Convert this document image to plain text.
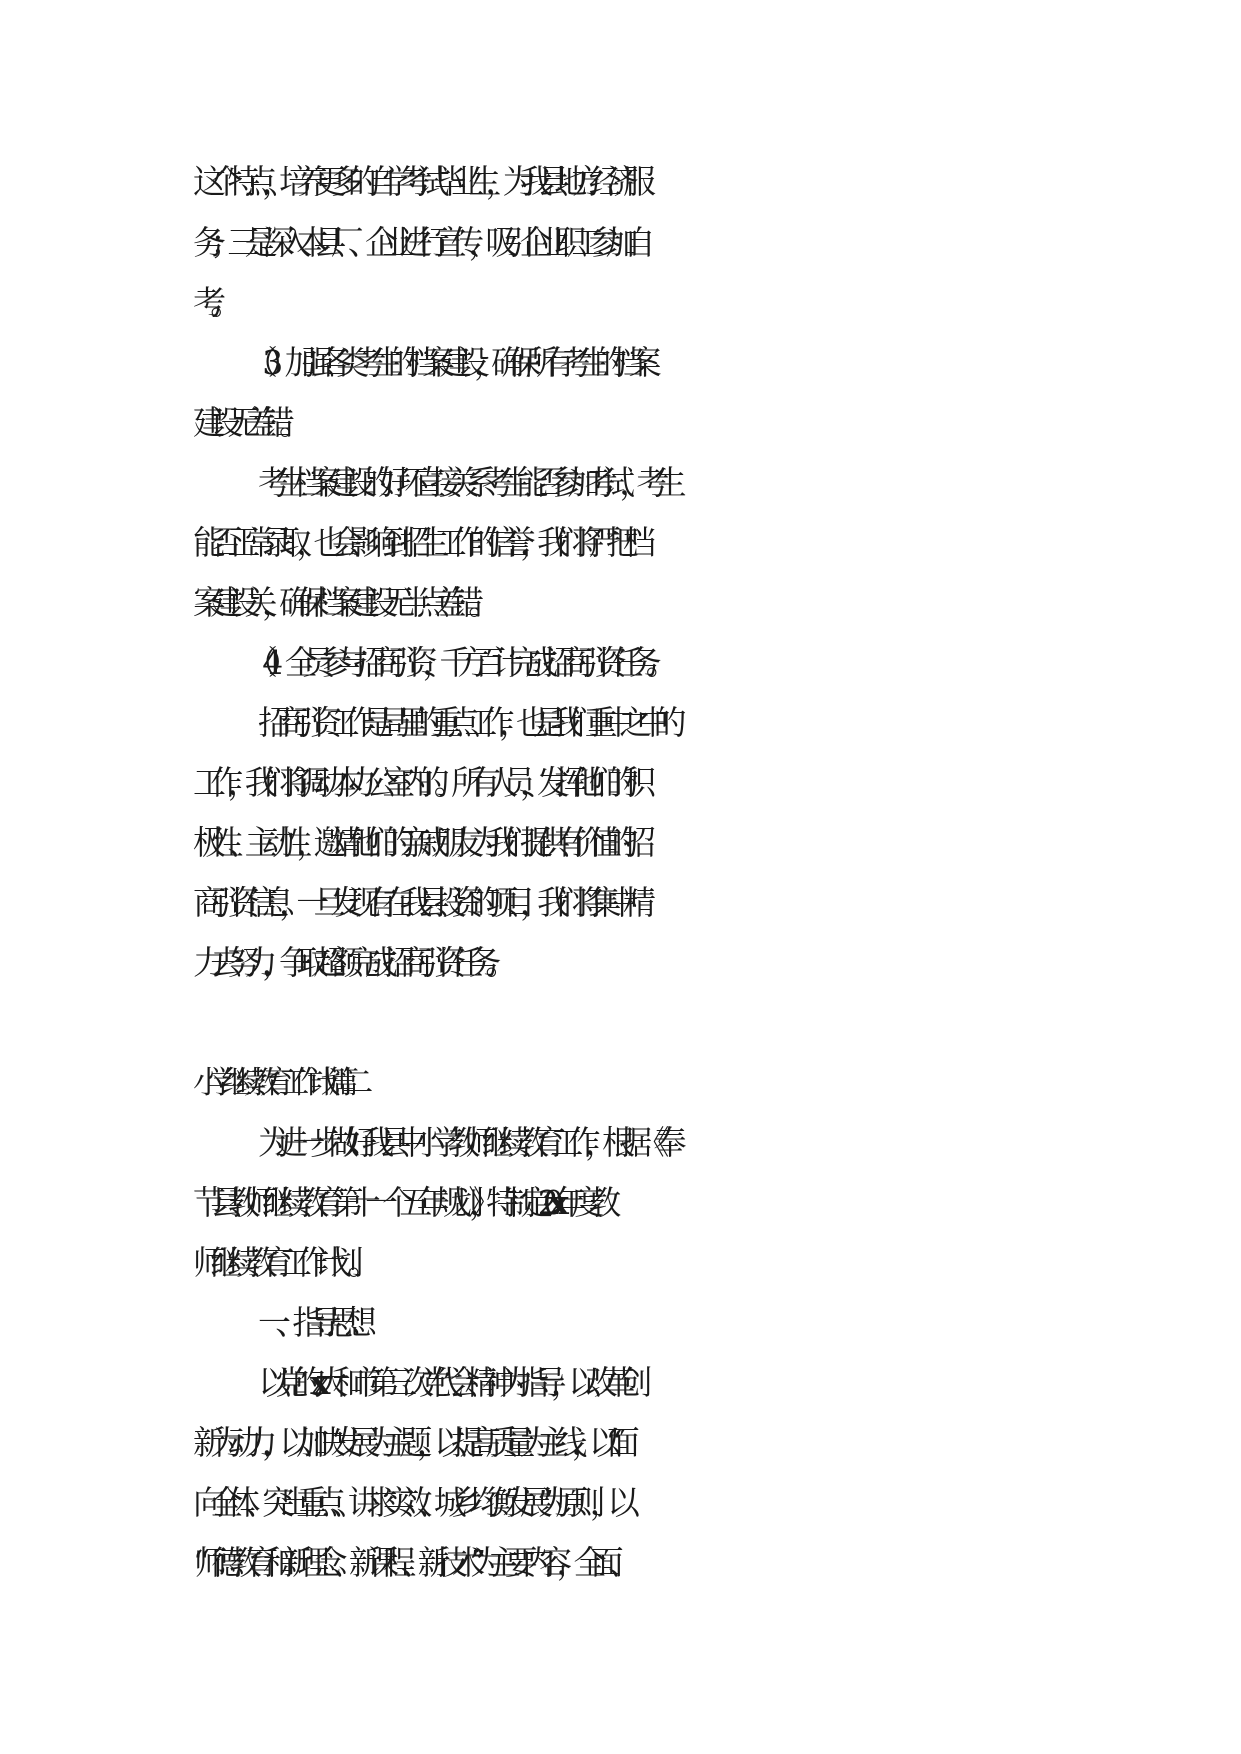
这个特点，培养更多的自学考试毕业生，为我县地方经济服
务；三是深入本县厂、企业进行宣传，吸引企业职工参加自
考。
（3）加强各类考生的档案建设，确保所有考生的档案
建设无差错。
考生档案建设的好坏直接关系考生能否参加考试，考生
能否正常录取，也会影响到招生工作的信誉，我们将严把档
案建设关，确保档案建设无半点差错。
（4）全员参与招商引资，千方百计完成招商引资任务。
招商引资工作是局里的重点工作，也是我们重中之中的
工作，我们将调动本办公室内的。所有人员，发挥他们的积
极性、主动性，邀请他们的亲戚朋友为我们提供有价值的招
商引资信息，一旦发现有在我县投资的项目，我们将集中精
力去努力，争取超额完成招商引资任务。
小学继续教育工作计划 篇二
为进一步做好我县中小学教师继续教育工作，根据《奉
节县教师继续教育第十一个五年规划》，特制定20xx年度教
师继续教育工作计划。
一、指导思想
以党的xx大和市第三次党 代会精神为指导，以改革创
新为动力，以加快发展为主题，以提高质量为主线，以“面
向全体、突出重点、讲求实效、城乡均衡发展”为原则，以
“师德教育和新理念、新课程、新技术”为主要内容，全面、
